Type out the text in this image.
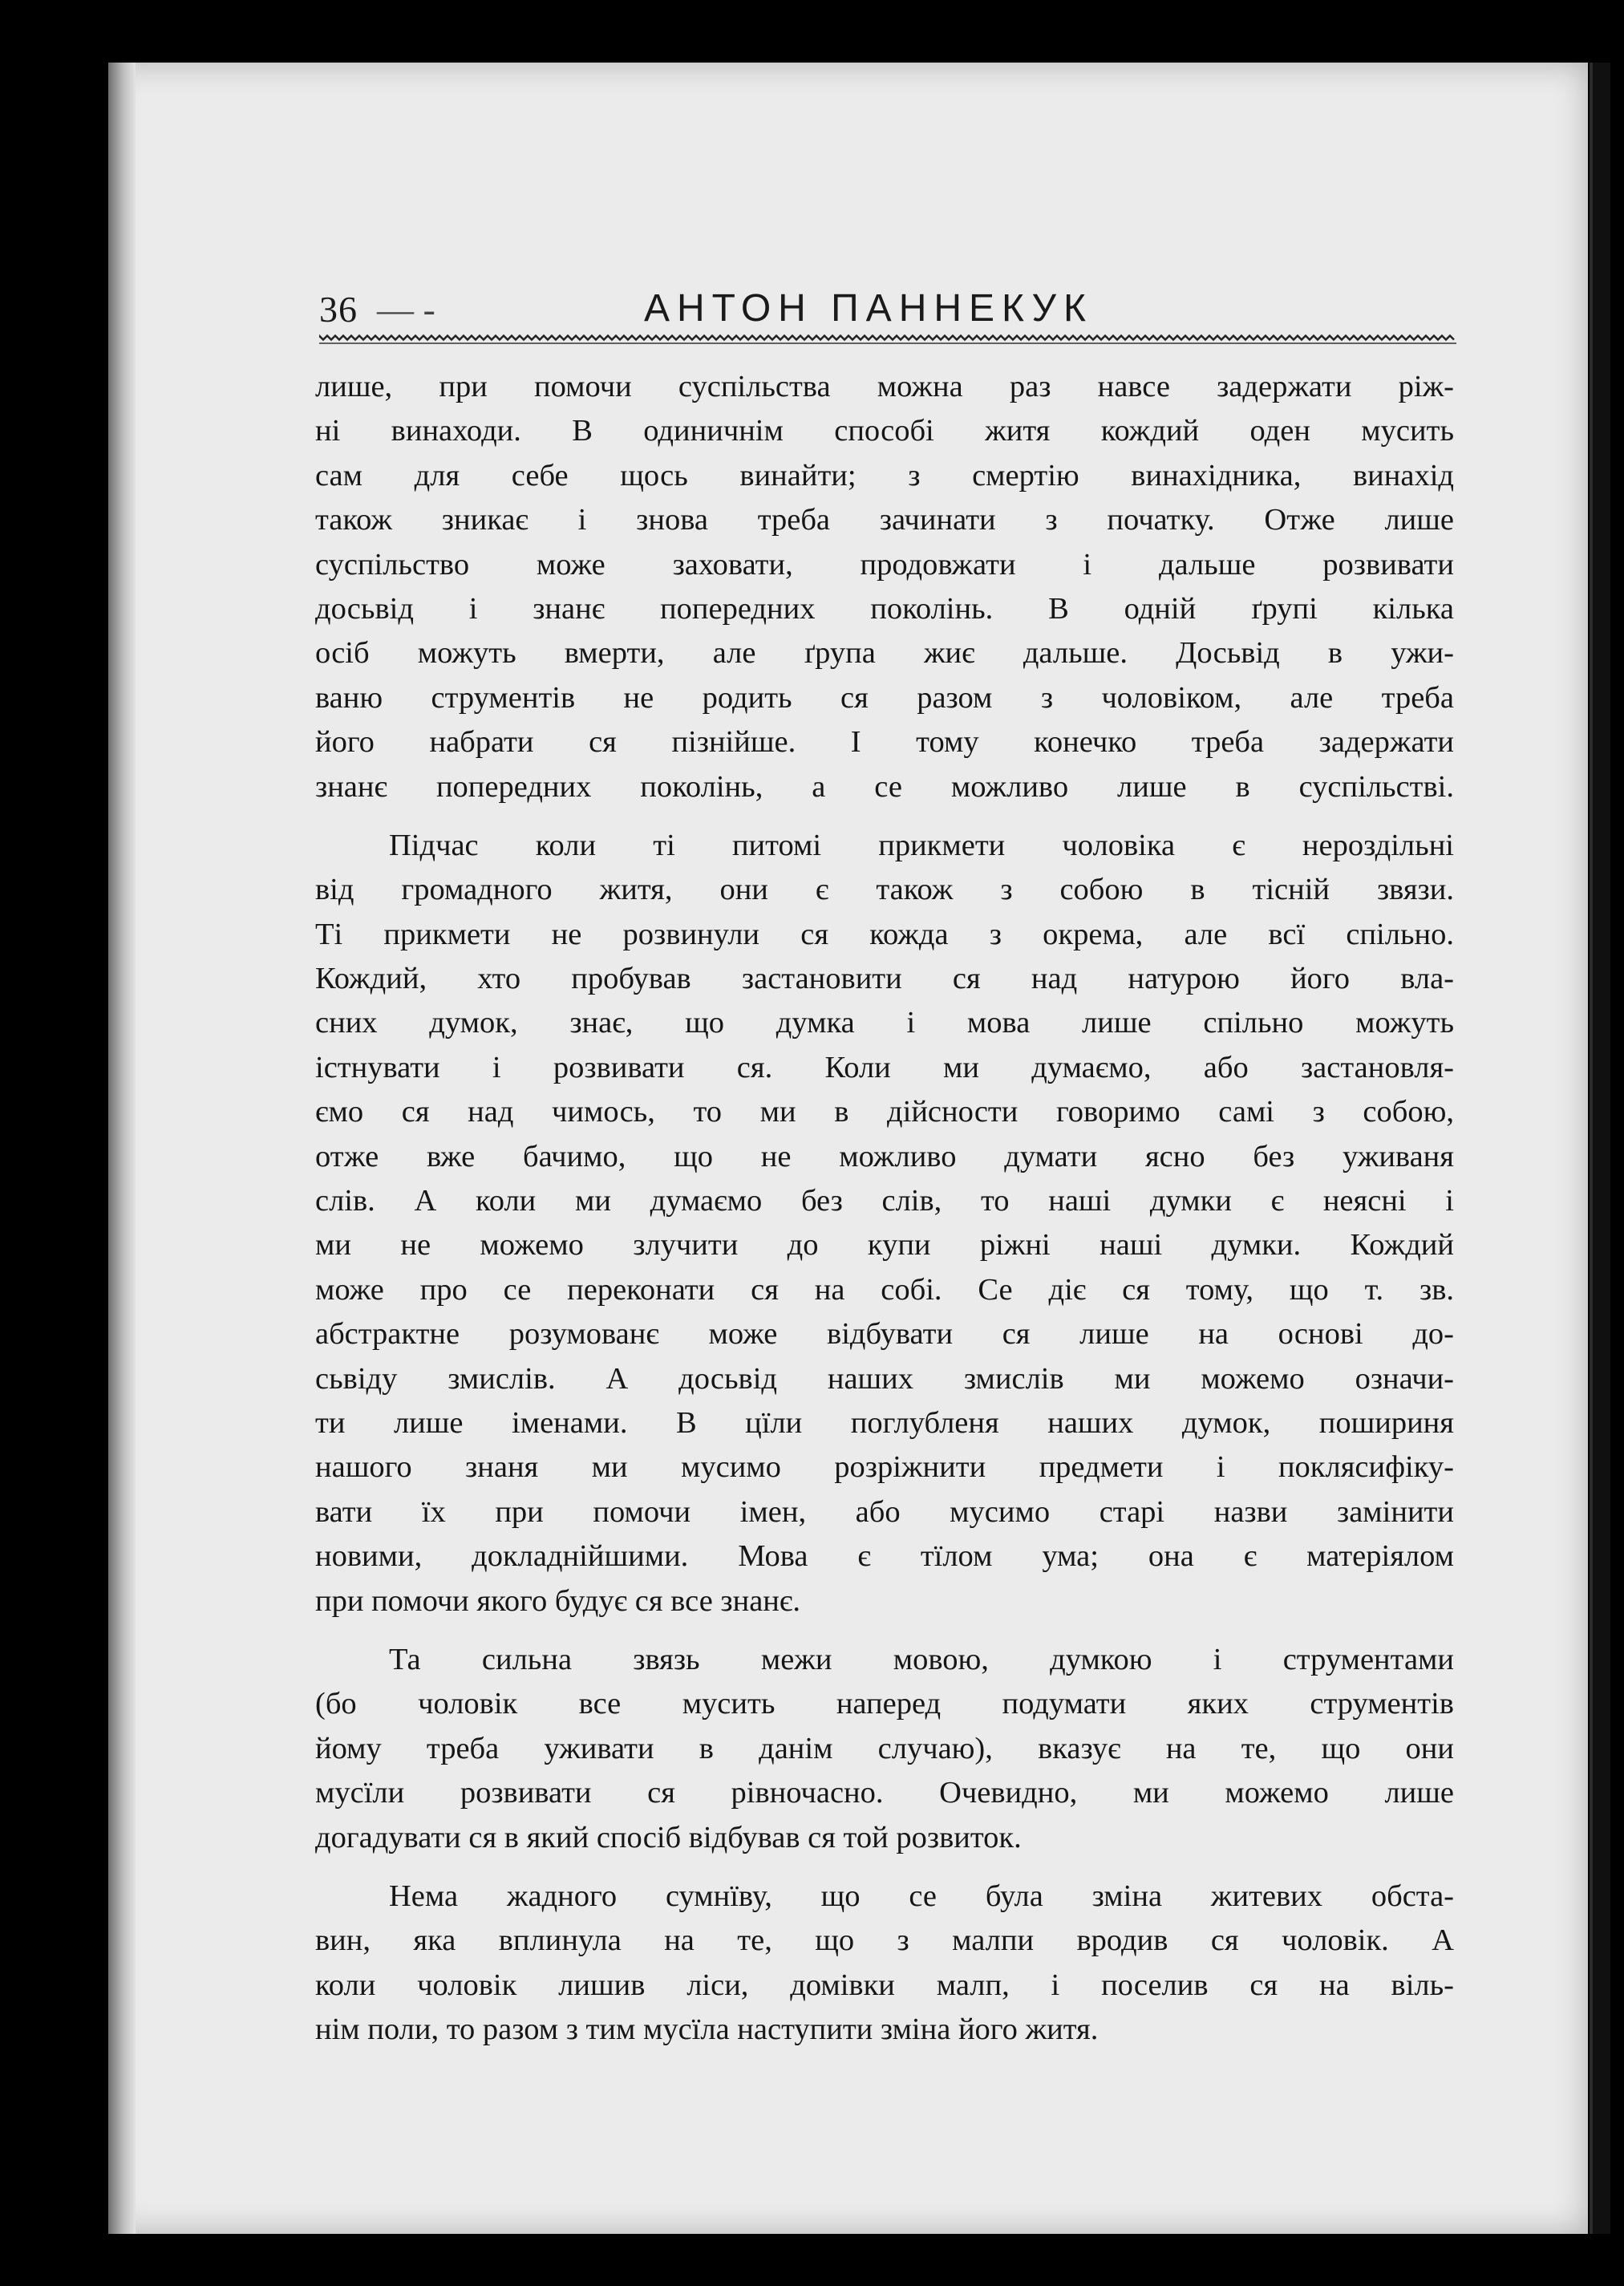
36 — -	АНТОН ПАННЕКУК
лише, при помочи суспільства можна раз навсе задержати ріж-
ні винаходи. В одиничнім способі житя кождий оден мусить
сам для себе щось винайти; з смертію винахідника, винахід
також зникає і знова треба зачинати з початку. Отже лише
суспільство може заховати, продовжати і дальше розвивати
досьвід і знанє попередних поколінь. В одній ґрупі кілька
осіб можуть вмерти, але ґрупа жиє дальше. Досьвід в ужи-
ваню струментів не родить ся разом з чоловіком, але треба
його набрати ся пізнійше. І тому конечко треба задержати
знанє попередних поколінь, а се можливо лише в суспільстві.
Підчас коли ті питомі прикмети чоловіка є нероздільні
від громадного житя, они є також з собою в тісній звязи.
Ті прикмети не розвинули ся кожда з окрема, але всї спільно.
Кождий, хто пробував застановити ся над натурою його вла-
сних думок, знає, що думка і мова лише спільно можуть
істнувати і розвивати ся. Коли ми думаємо, або застановля-
ємо ся над чимось, то ми в дійсности говоримо самі з собою,
отже вже бачимо, що не можливо думати ясно без уживаня
слів. А коли ми думаємо без слів, то наші думки є неясні і
ми не можемо злучити до купи ріжні наші думки. Кождий
може про се переконати ся на собі. Се діє ся тому, що т. зв.
абстрактне розумованє може відбувати ся лише на основі до-
сьвіду змислів. А досьвід наших змислів ми можемо означи-
ти лише іменами. В цїли поглубленя наших думок, пошириня
нашого знаня ми мусимо розріжнити предмети і поклясифіку-
вати їх при помочи імен, або мусимо старі назви замінити
новими, докладнійшими. Мова є тїлом ума; она є матеріялом
при помочи якого будує ся все знанє.
Та сильна звязь межи мовою, думкою і струментами
(бо чоловік все мусить наперед подумати яких струментів
йому треба уживати в данім случаю), вказує на те, що они
мусїли розвивати ся рівночасно. Очевидно, ми можемо лише
догадувати ся в який спосіб відбував ся той розвиток.
Нема жадного сумнїву, що се була зміна житевих обста-
вин, яка вплинула на те, що з малпи вродив ся чоловік. А
коли чоловік лишив ліси, домівки малп, і поселив ся на віль-
нім поли, то разом з тим мусїла наступити зміна його житя.
